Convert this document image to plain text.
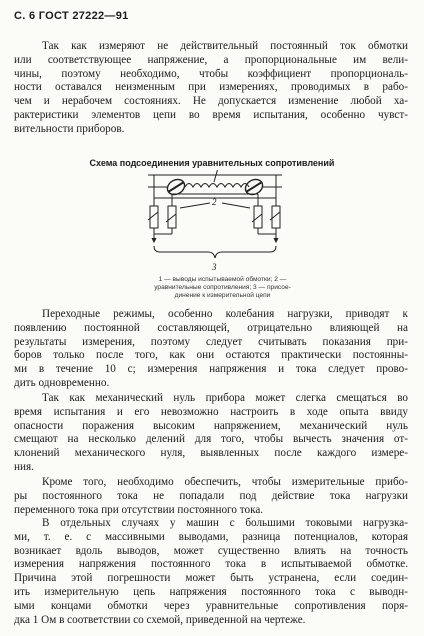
С. 6 ГОСТ 27222—91
Так как измеряют не действительный постоянный ток обмотки
или соответствующее напряжение, а пропорциональные им вели-
чины, поэтому необходимо, чтобы коэффициент пропорциональ-
ности оставался неизменным при измерениях, проводимых в рабо-
чем и нерабочем состояниях. Не допускается изменение любой ха-
рактеристики элементов цепи во время испытания, особенно чувст-
вительности приборов.
Схема подсоединения уравнительных сопротивлений
2
3
1 — выводы испытываемой обмотки; 2 —
уравнительные сопротивления; 3 — присое-
динение к измерительной цепи
Переходные режимы, особенно колебания нагрузки, приводят к
появлению постоянной составляющей, отрицательно влияющей на
результаты измерения, поэтому следует считывать показания при-
боров только после того, как они остаются практически постоянны-
ми в течение 10 с; измерения напряжения и тока следует прово-
дить одновременно.
Так как механический нуль прибора может слегка смещаться во
время испытания и его невозможно настроить в ходе опыта ввиду
опасности поражения высоким напряжением, механический нуль
смещают на несколько делений для того, чтобы вычесть значения от-
клонений механического нуля, выявленных после каждого измере-
ния.
Кроме того, необходимо обеспечить, чтобы измерительные прибо-
ры постоянного тока не попадали под действие тока нагрузки
переменного тока при отсутствии постоянного тока.
В отдельных случаях у машин с большими токовыми нагрузка-
ми, т. е. с массивными выводами, разница потенциалов, которая
возникает вдоль выводов, может существенно влиять на точность
измерения напряжения постоянного тока в испытываемой обмотке.
Причина этой погрешности может быть устранена, если соедин-
ить измерительную цепь напряжения постоянного тока с выводн-
ыми концами обмотки через уравнительные сопротивления поря-
дка 1 Ом в соответствии со схемой, приведенной на чертеже.
